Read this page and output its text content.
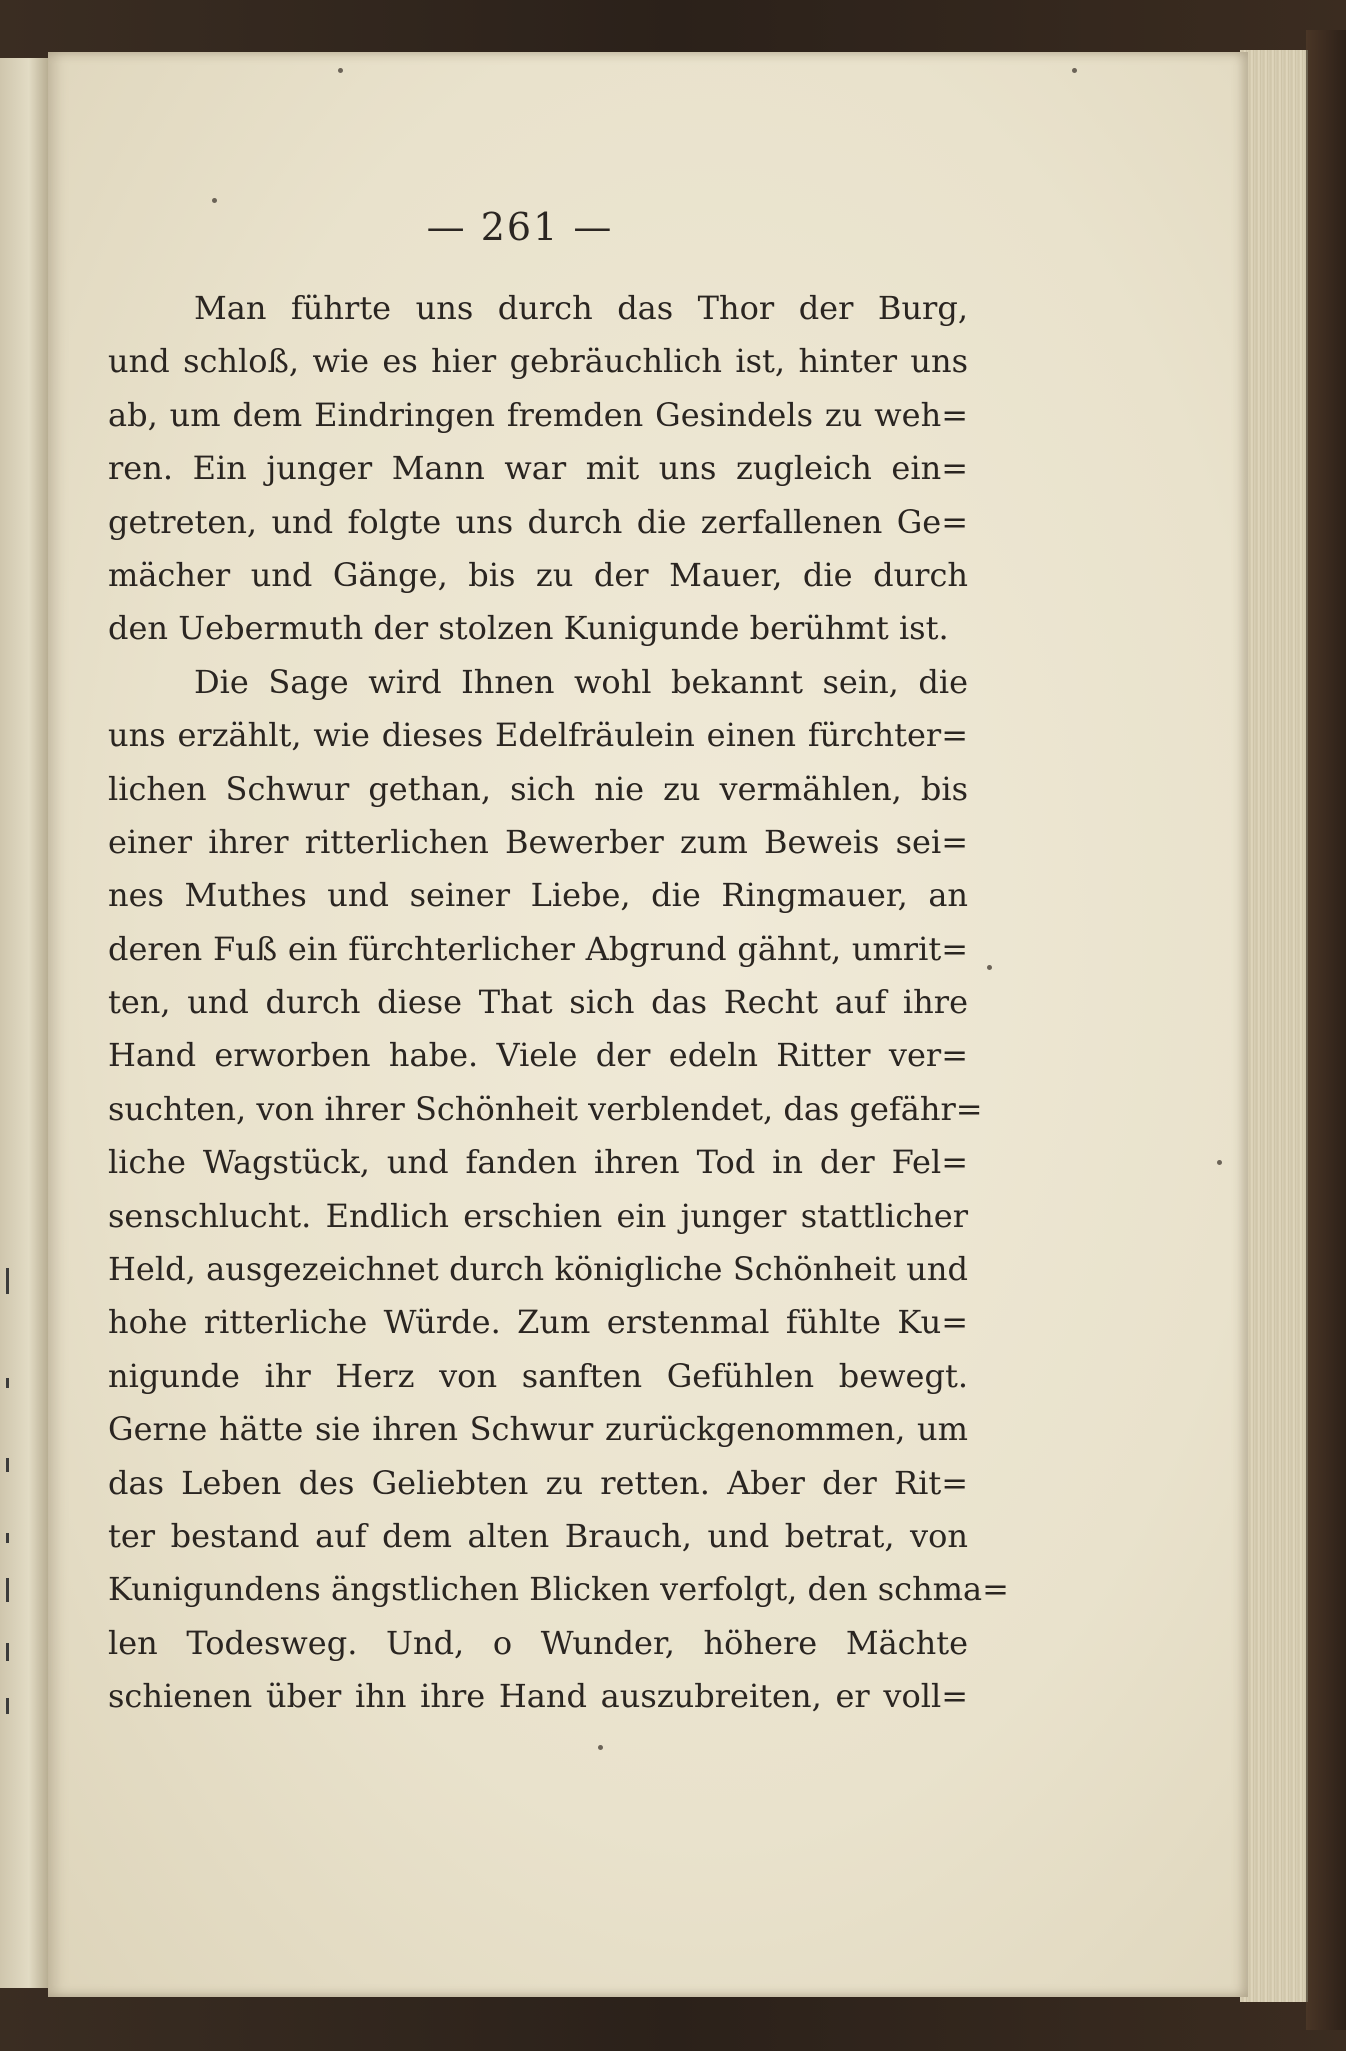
— 261 —
Man führte uns durch das Thor der Burg,
und schloß, wie es hier gebräuchlich ist, hinter uns
ab, um dem Eindringen fremden Gesindels zu weh=
ren. Ein junger Mann war mit uns zugleich ein=
getreten, und folgte uns durch die zerfallenen Ge=
mächer und Gänge, bis zu der Mauer, die durch
den Uebermuth der stolzen Kunigunde berühmt ist.
Die Sage wird Ihnen wohl bekannt sein, die
uns erzählt, wie dieses Edelfräulein einen fürchter=
lichen Schwur gethan, sich nie zu vermählen, bis
einer ihrer ritterlichen Bewerber zum Beweis sei=
nes Muthes und seiner Liebe, die Ringmauer, an
deren Fuß ein fürchterlicher Abgrund gähnt, umrit=
ten, und durch diese That sich das Recht auf ihre
Hand erworben habe. Viele der edeln Ritter ver=
suchten, von ihrer Schönheit verblendet, das gefähr=
liche Wagstück, und fanden ihren Tod in der Fel=
senschlucht. Endlich erschien ein junger stattlicher
Held, ausgezeichnet durch königliche Schönheit und
hohe ritterliche Würde. Zum erstenmal fühlte Ku=
nigunde ihr Herz von sanften Gefühlen bewegt.
Gerne hätte sie ihren Schwur zurückgenommen, um
das Leben des Geliebten zu retten. Aber der Rit=
ter bestand auf dem alten Brauch, und betrat, von
Kunigundens ängstlichen Blicken verfolgt, den schma=
len Todesweg. Und, o Wunder, höhere Mächte
schienen über ihn ihre Hand auszubreiten, er voll=
